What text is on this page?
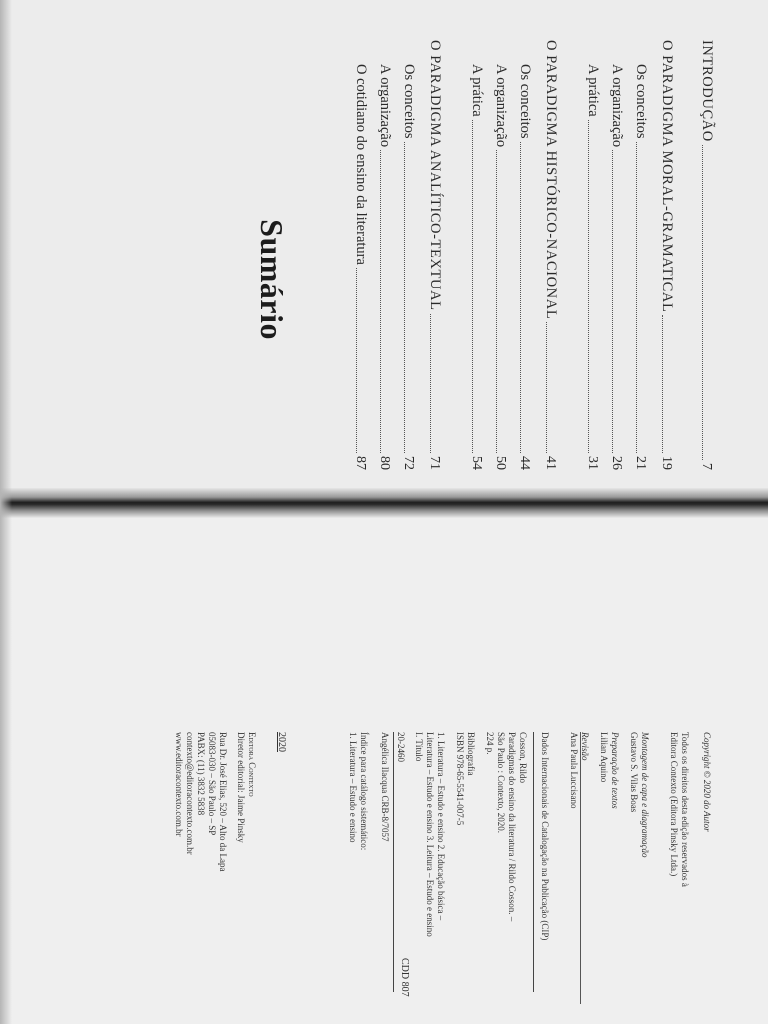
Sumário
INTRODUÇÃO
7
O PARADIGMA MORAL-GRAMATICAL
19
Os conceitos
21
A organização
26
A prática
31
O PARADIGMA HISTÓRICO-NACIONAL
41
Os conceitos
44
A organização
50
A prática
54
O PARADIGMA ANALÍTICO-TEXTUAL
71
Os conceitos
72
A organização
80
O cotidiano do ensino da literatura
87
Copyright © 2020 do Autor
Todos os direitos desta edição reservados à
Editora Contexto (Editora Pinsky Ltda.)
Montagem de capa e diagramação
Gustavo S. Vilas Boas
Preparação de textos
Lilian Aquino
Revisão
Ana Paula Luccisano
Dados Internacionais de Catalogação na Publicação (CIP)
Cosson, Rildo
Paradigmas do ensino da literatura / Rildo Cosson. –
São Paulo : Contexto, 2020.
224 p.
Bibliografia
ISBN 978-65-5541-007-5
1. Literatura – Estudo e ensino 2. Educação básica –
Literatura – Estudo e ensino 3. Leitura – Estudo e ensino
I. Título
20-2460
CDD 807
Angélica Ilacqua CRB-8/7057
Índice para catálogo sistemático:
1. Literatura – Estudo e ensino
2020
Editora Contexto
Diretor editorial: Jaime Pinsky
Rua Dr. José Elias, 520 – Alto da Lapa
05083-030 – São Paulo – SP
PABX: (11) 3832 5838
contexto@editoracontexto.com.br
www.editoracontexto.com.br
